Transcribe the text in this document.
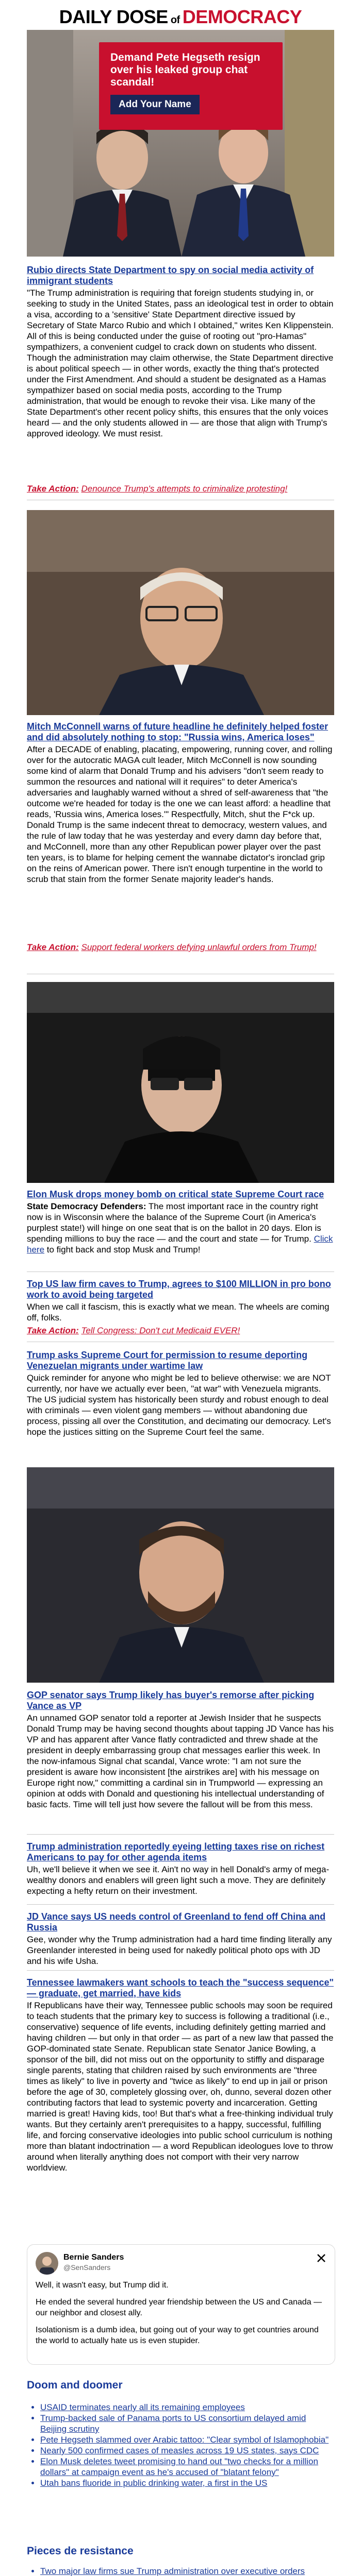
DAILY DOSE of DEMOCRACY
Demand Pete Hegseth resign over his leaked group chat scandal!
Add Your Name

Rubio directs State Department to spy on social media activity of immigrant students

"The Trump administration is requiring that foreign students studying in, or seeking to study in the United States, pass an ideological test in order to obtain a visa, according to a 'sensitive' State Department directive issued by Secretary of State Marco Rubio and which I obtained," writes Ken Klippenstein. All of this is being conducted under the guise of rooting out "pro-Hamas" sympathizers, a convenient cudgel to crack down on students who dissent. Though the administration may claim otherwise, the State Department directive is about political speech — in other words, exactly the thing that's protected under the First Amendment. And should a student be designated as a Hamas sympathizer based on social media posts, according to the Trump administration, that would be enough to revoke their visa. Like many of the State Department's other recent policy shifts, this ensures that the only voices heard — and the only students allowed in — are those that align with Trump's approved ideology. We must resist.

Take Action: Denounce Trump's attempts to criminalize protesting!

Mitch McConnell warns of future headline he definitely helped foster and did absolutely nothing to stop: "Russia wins, America loses"

After a DECADE of enabling, placating, empowering, running cover, and rolling over for the autocratic MAGA cult leader, Mitch McConnell is now sounding some kind of alarm that Donald Trump and his advisers "don't seem ready to summon the resources and national will it requires" to deter America's adversaries and laughably warned without a shred of self-awareness that "the outcome we're headed for today is the one we can least afford: a headline that reads, 'Russia wins, America loses.'" Respectfully, Mitch, shut the F*ck up. Donald Trump is the same indecent threat to democracy, western values, and the rule of law today that he was yesterday and every damn day before that, and McConnell, more than any other Republican power player over the past ten years, is to blame for helping cement the wannabe dictator's ironclad grip on the reins of American power. There isn't enough turpentine in the world to scrub that stain from the former Senate majority leader's hands.

Take Action: Support federal workers defying unlawful orders from Trump!

Elon Musk drops money bomb on critical state Supreme Court race

State Democracy Defenders: The most important race in the country right now is in Wisconsin where the balance of the Supreme Court (in America's purplest state!) will hinge on one seat that is on the ballot in 20 days. Elon is spending millions to buy the race — and the court and state — for Trump. Click here to fight back and stop Musk and Trump!

Top US law firm caves to Trump, agrees to $100 MILLION in pro bono work to avoid being targeted

When we call it fascism, this is exactly what we mean. The wheels are coming off, folks.

Take Action: Tell Congress: Don't cut Medicaid EVER!

Trump asks Supreme Court for permission to resume deporting Venezuelan migrants under wartime law

Quick reminder for anyone who might be led to believe otherwise: we are NOT currently, nor have we actually ever been, "at war" with Venezuela migrants. The US judicial system has historically been sturdy and robust enough to deal with criminals — even violent gang members — without abandoning due process, pissing all over the Constitution, and decimating our democracy. Let's hope the justices sitting on the Supreme Court feel the same.

GOP senator says Trump likely has buyer's remorse after picking Vance as VP

An unnamed GOP senator told a reporter at Jewish Insider that he suspects Donald Trump may be having second thoughts about tapping JD Vance has his VP and has apparent after Vance flatly contradicted and threw shade at the president in deeply embarrassing group chat messages earlier this week. In the now-infamous Signal chat scandal, Vance wrote: "I am not sure the president is aware how inconsistent [the airstrikes are] with his message on Europe right now," committing a cardinal sin in Trumpworld — expressing an opinion at odds with Donald and questioning his intellectual understanding of basic facts. Time will tell just how severe the fallout will be from this mess.

Trump administration reportedly eyeing letting taxes rise on richest Americans to pay for other agenda items

Uh, we'll believe it when we see it. Ain't no way in hell Donald's army of mega-wealthy donors and enablers will green light such a move. They are definitely expecting a hefty return on their investment.

JD Vance says US needs control of Greenland to fend off China and Russia

Gee, wonder why the Trump administration had a hard time finding literally any Greenlander interested in being used for nakedly political photo ops with JD and his wife Usha.

Tennessee lawmakers want schools to teach the "success sequence" — graduate, get married, have kids

If Republicans have their way, Tennessee public schools may soon be required to teach students that the primary key to success is following a traditional (i.e., conservative) sequence of life events, including definitely getting married and having children — but only in that order — as part of a new law that passed the GOP-dominated state Senate. Republican state Senator Janice Bowling, a sponsor of the bill, did not miss out on the opportunity to stiffly and disparage single parents, stating that children raised by such environments are "three times as likely" to live in poverty and "twice as likely" to end up in jail or prison before the age of 30, completely glossing over, oh, dunno, several dozen other contributing factors that lead to systemic poverty and incarceration. Getting married is great! Having kids, too! But that's what a free-thinking individual truly wants. But they certainly aren't prerequisites to a happy, successful, fulfilling life, and forcing conservative ideologies into public school curriculum is nothing more than blatant indoctrination — a word Republican ideologues love to throw around when literally anything does not comport with their very narrow worldview.

Bernie Sanders
@SenSanders

Well, it wasn't easy, but Trump did it.

He ended the several hundred year friendship between the US and Canada — our neighbor and closest ally.

Isolationism is a dumb idea, but going out of your way to get countries around the world to actually hate us is even stupider.

Doom and doomer
• USAID terminates nearly all its remaining employees
• Trump-backed sale of Panama ports to US consortium delayed amid Beijing scrutiny
• Pete Hegseth slammed over Arabic tattoo: "Clear symbol of Islamophobia"
• Nearly 500 confirmed cases of measles across 19 US states, says CDC
• Elon Musk deletes tweet promising to hand out "two checks for a million dollars" at campaign event as he's accused of "blatant felony"
• Utah bans fluoride in public drinking water, a first in the US
Pieces de resistance
• Two major law firms sue Trump administration over executive orders
